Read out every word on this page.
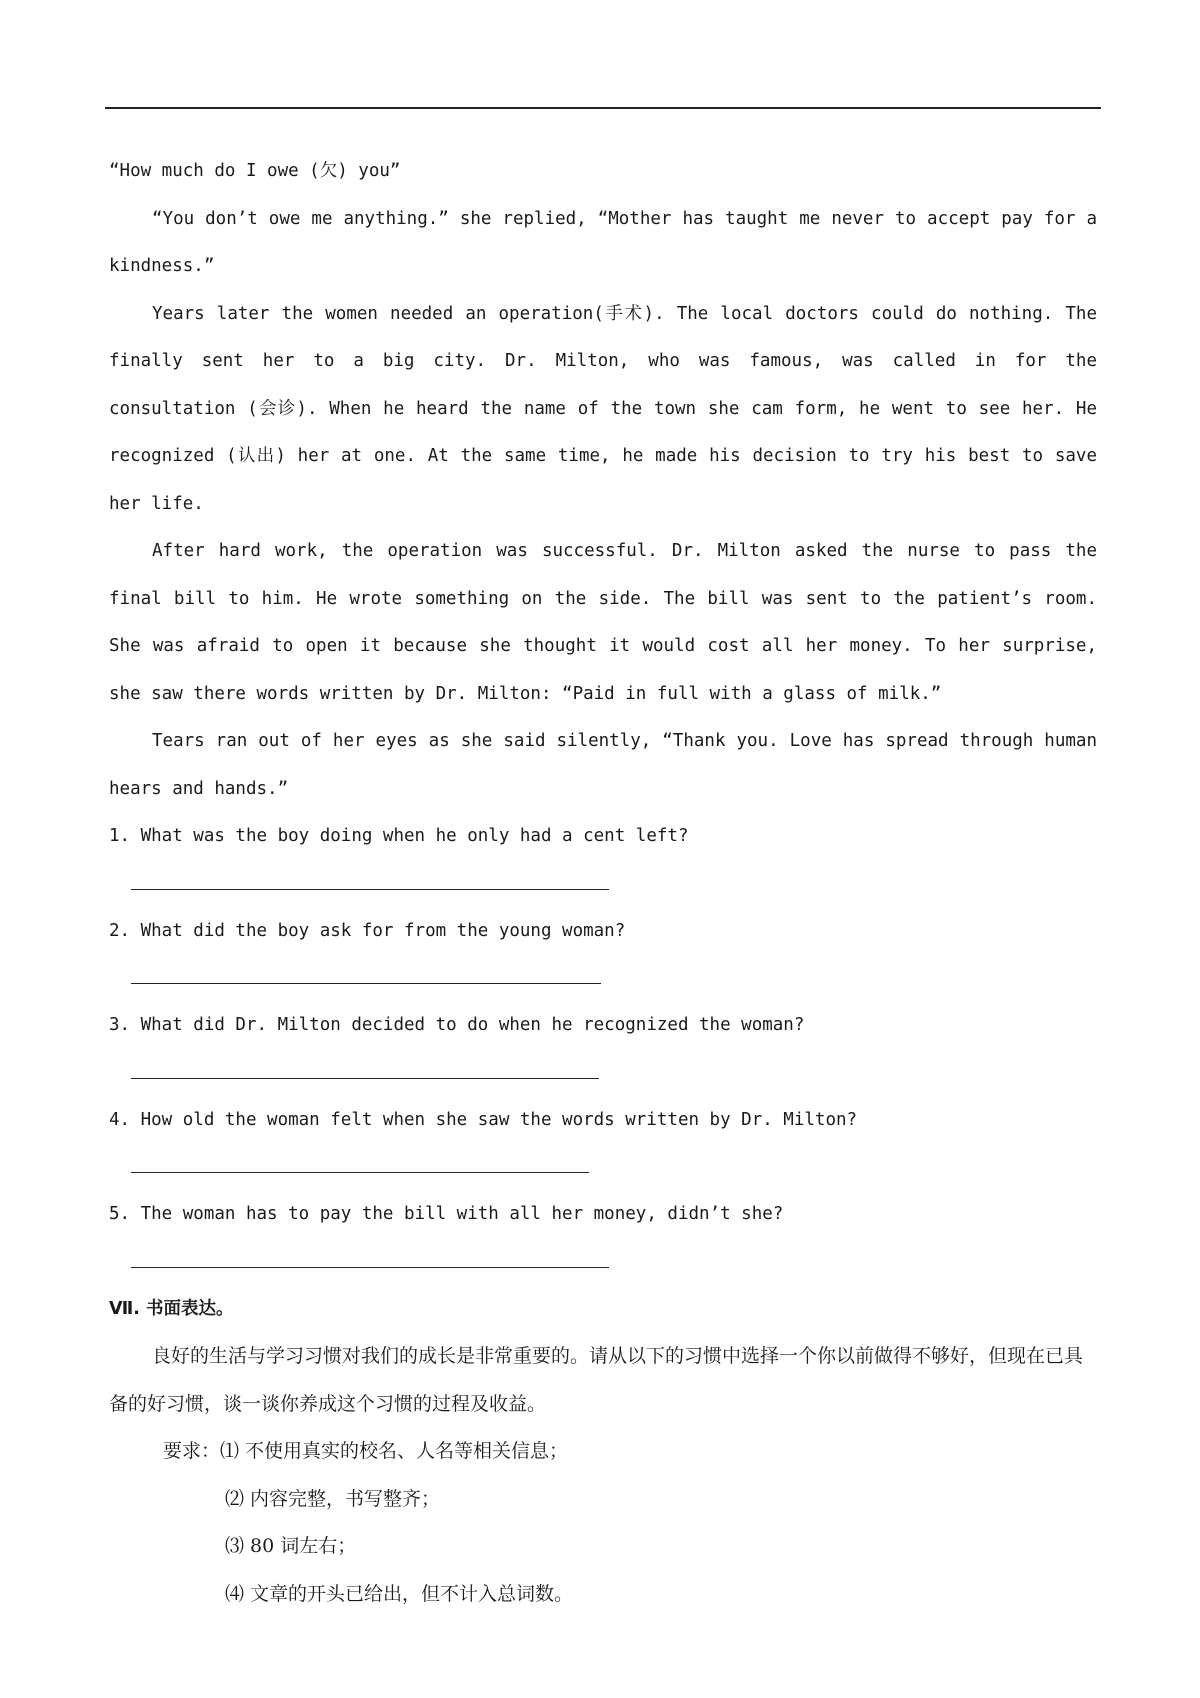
“How much do I owe (欠) you”

“You don’t owe me anything.” she replied, “Mother has taught me never to accept pay for a kindness.”

Years later the women needed an operation(手术). The local doctors could do nothing. The finally sent her to a big city. Dr. Milton, who was famous, was called in for the consultation (会诊). When he heard the name of the town she cam form, he went to see her. He recognized (认出) her at one. At the same time, he made his decision to try his best to save her life.

After hard work, the operation was successful. Dr. Milton asked the nurse to pass the final bill to him. He wrote something on the side. The bill was sent to the patient’s room. She was afraid to open it because she thought it would cost all her money. To her surprise, she saw there words written by Dr. Milton: “Paid in full with a glass of milk.”

Tears ran out of her eyes as she said silently, “Thank you. Love has spread through human hears and hands.”

1. What was the boy doing when he only had a cent left?

2. What did the boy ask for from the young woman?

3. What did Dr. Milton decided to do when he recognized the woman?

4. How old the woman felt when she saw the words written by Dr. Milton?

5. The woman has to pay the bill with all her money, didn’t she?

Ⅶ. 书面表达。

良好的生活与学习习惯对我们的成长是非常重要的。请从以下的习惯中选择一个你以前做得不够好，但现在已具备的好习惯，谈一谈你养成这个习惯的过程及收益。

要求：⑴ 不使用真实的校名、人名等相关信息；

⑵ 内容完整，书写整齐；

⑶ 80 词左右；

⑷ 文章的开头已给出，但不计入总词数。
